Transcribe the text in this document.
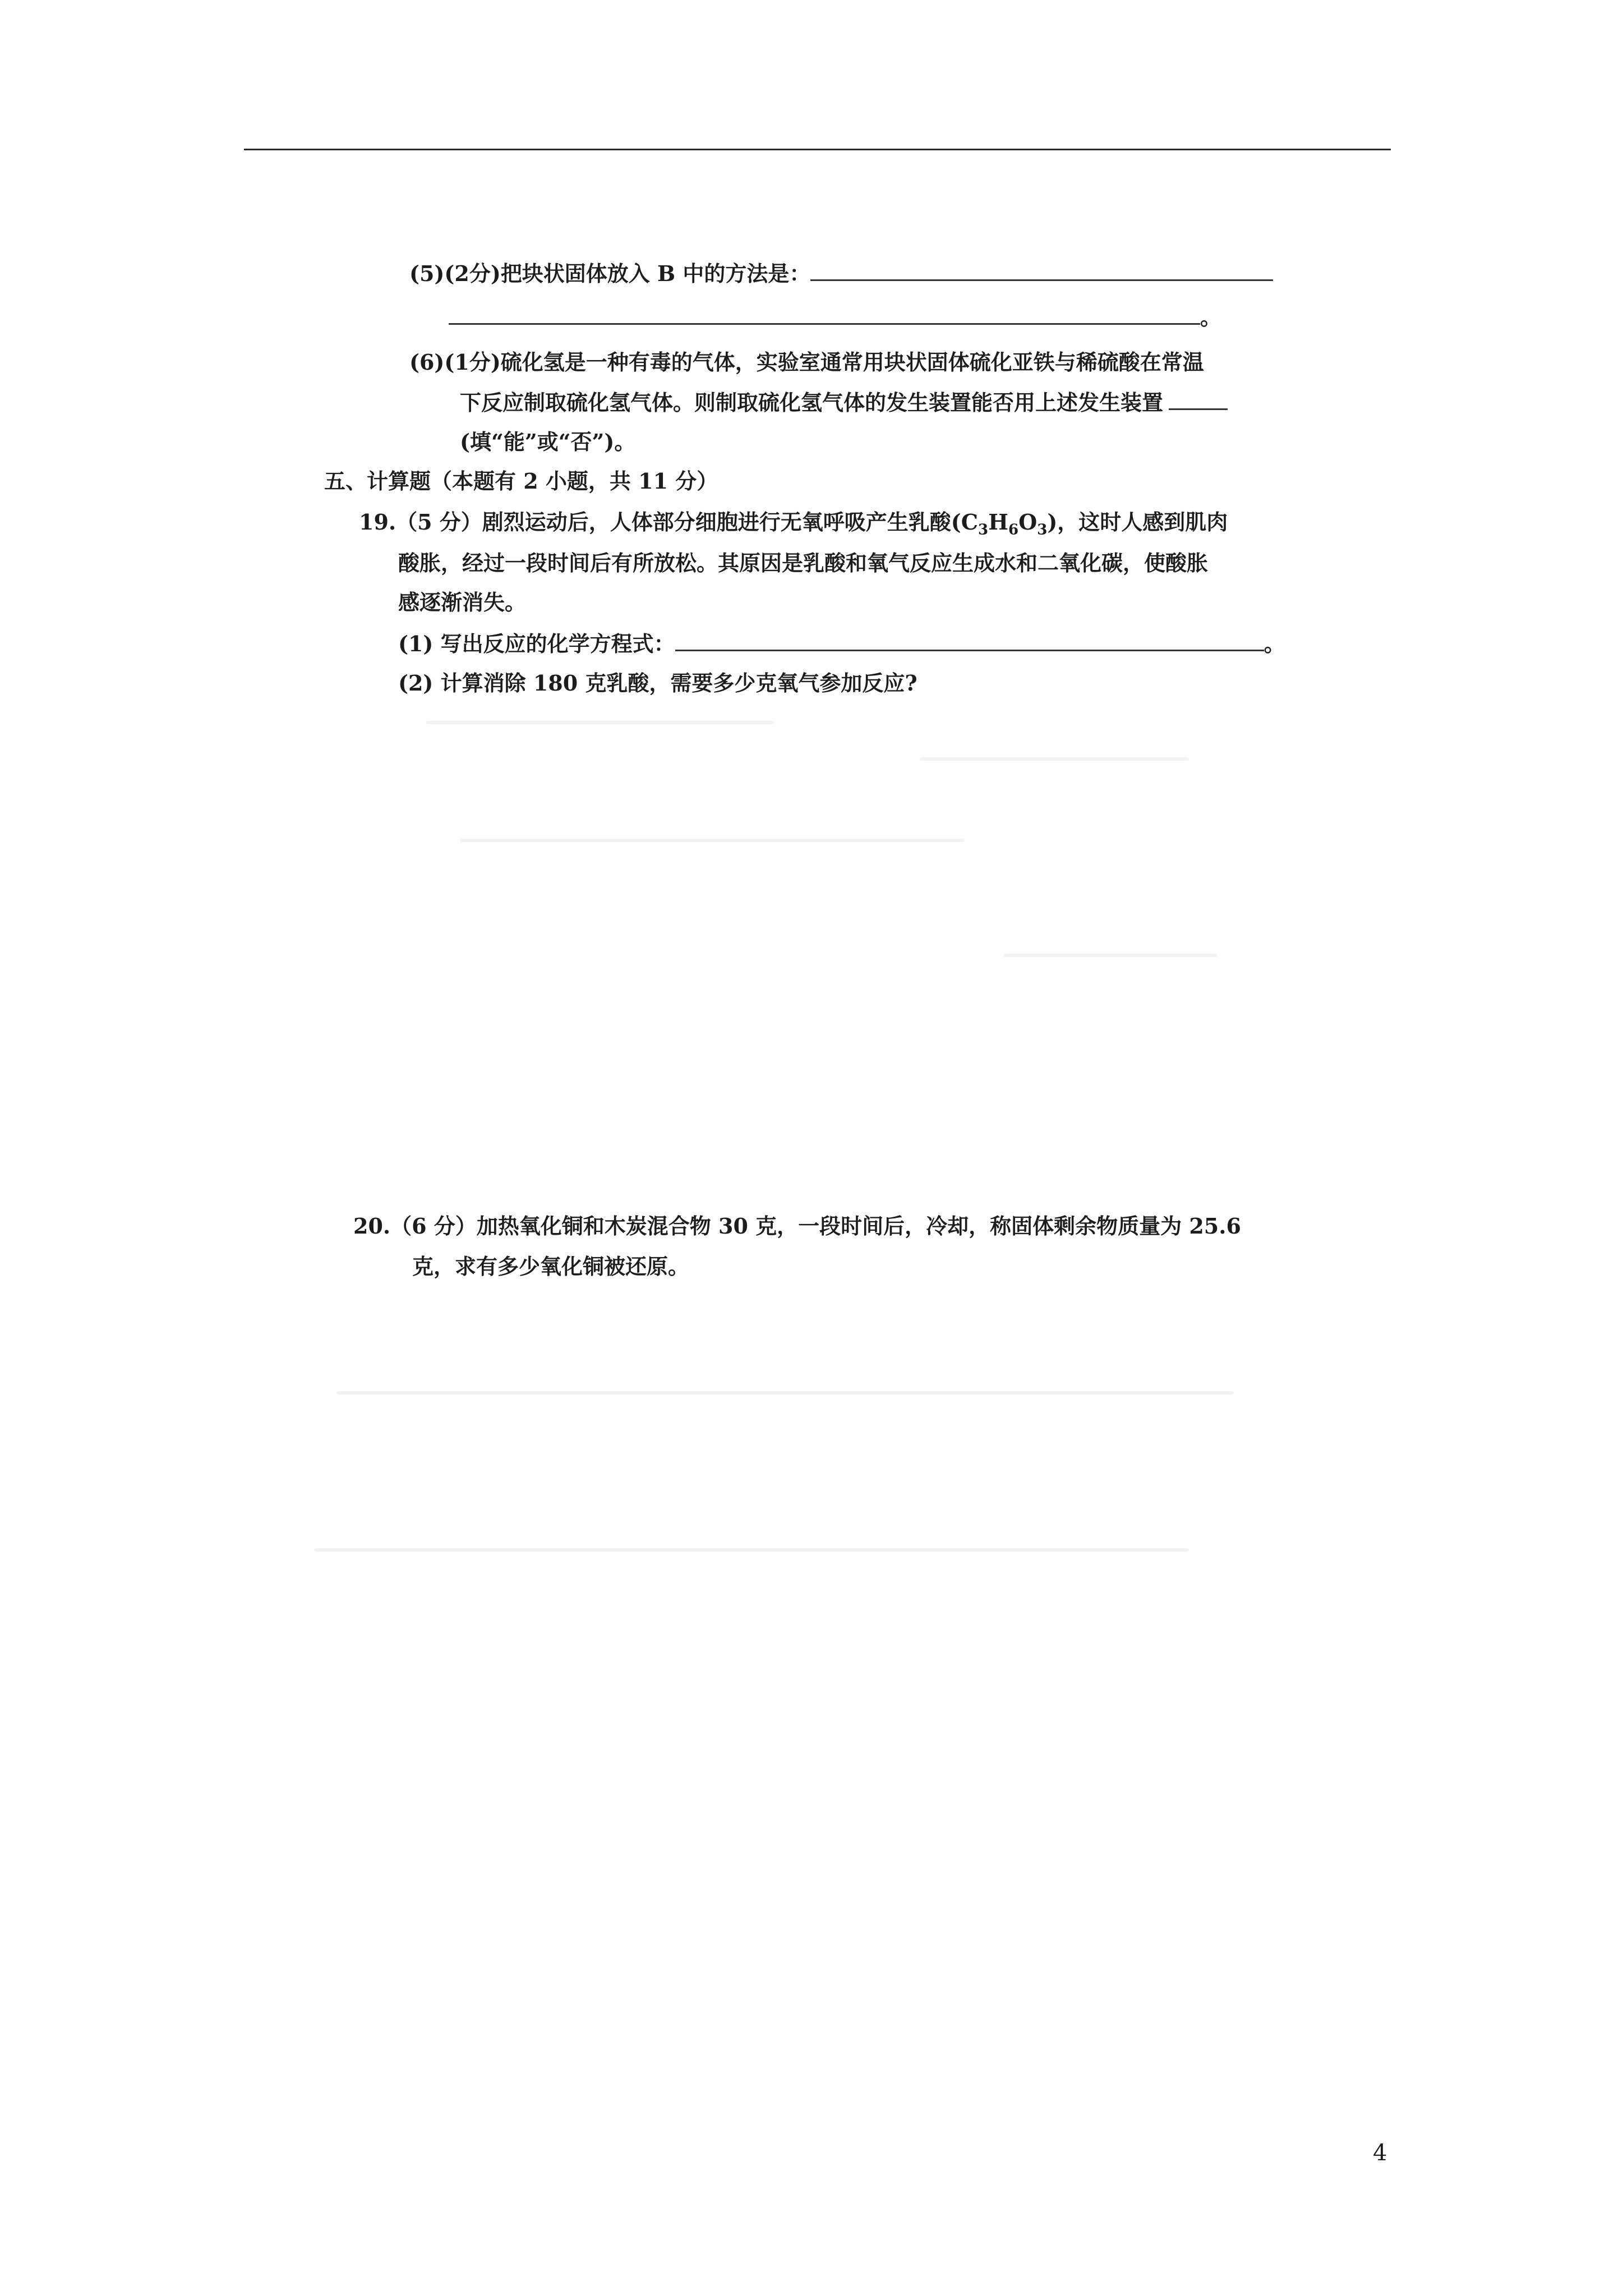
(5)(2分)把块状固体放入 B 中的方法是：
。
(6)(1分)硫化氢是一种有毒的气体，实验室通常用块状固体硫化亚铁与稀硫酸在常温
下反应制取硫化氢气体。则制取硫化氢气体的发生装置能否用上述发生装置
(填“能”或“否”)。
五、计算题（本题有 2 小题，共 11 分）
19.（5 分）剧烈运动后，人体部分细胞进行无氧呼吸产生乳酸$(C_3H_6O_3)$，这时人感到肌肉
酸胀，经过一段时间后有所放松。其原因是乳酸和氧气反应生成水和二氧化碳，使酸胀
感逐渐消失。
(1) 写出反应的化学方程式：	。
(2) 计算消除 180 克乳酸，需要多少克氧气参加反应?
20.（6 分）加热氧化铜和木炭混合物 30 克，一段时间后，冷却，称固体剩余物质量为 25.6
克，求有多少氧化铜被还原。
4
